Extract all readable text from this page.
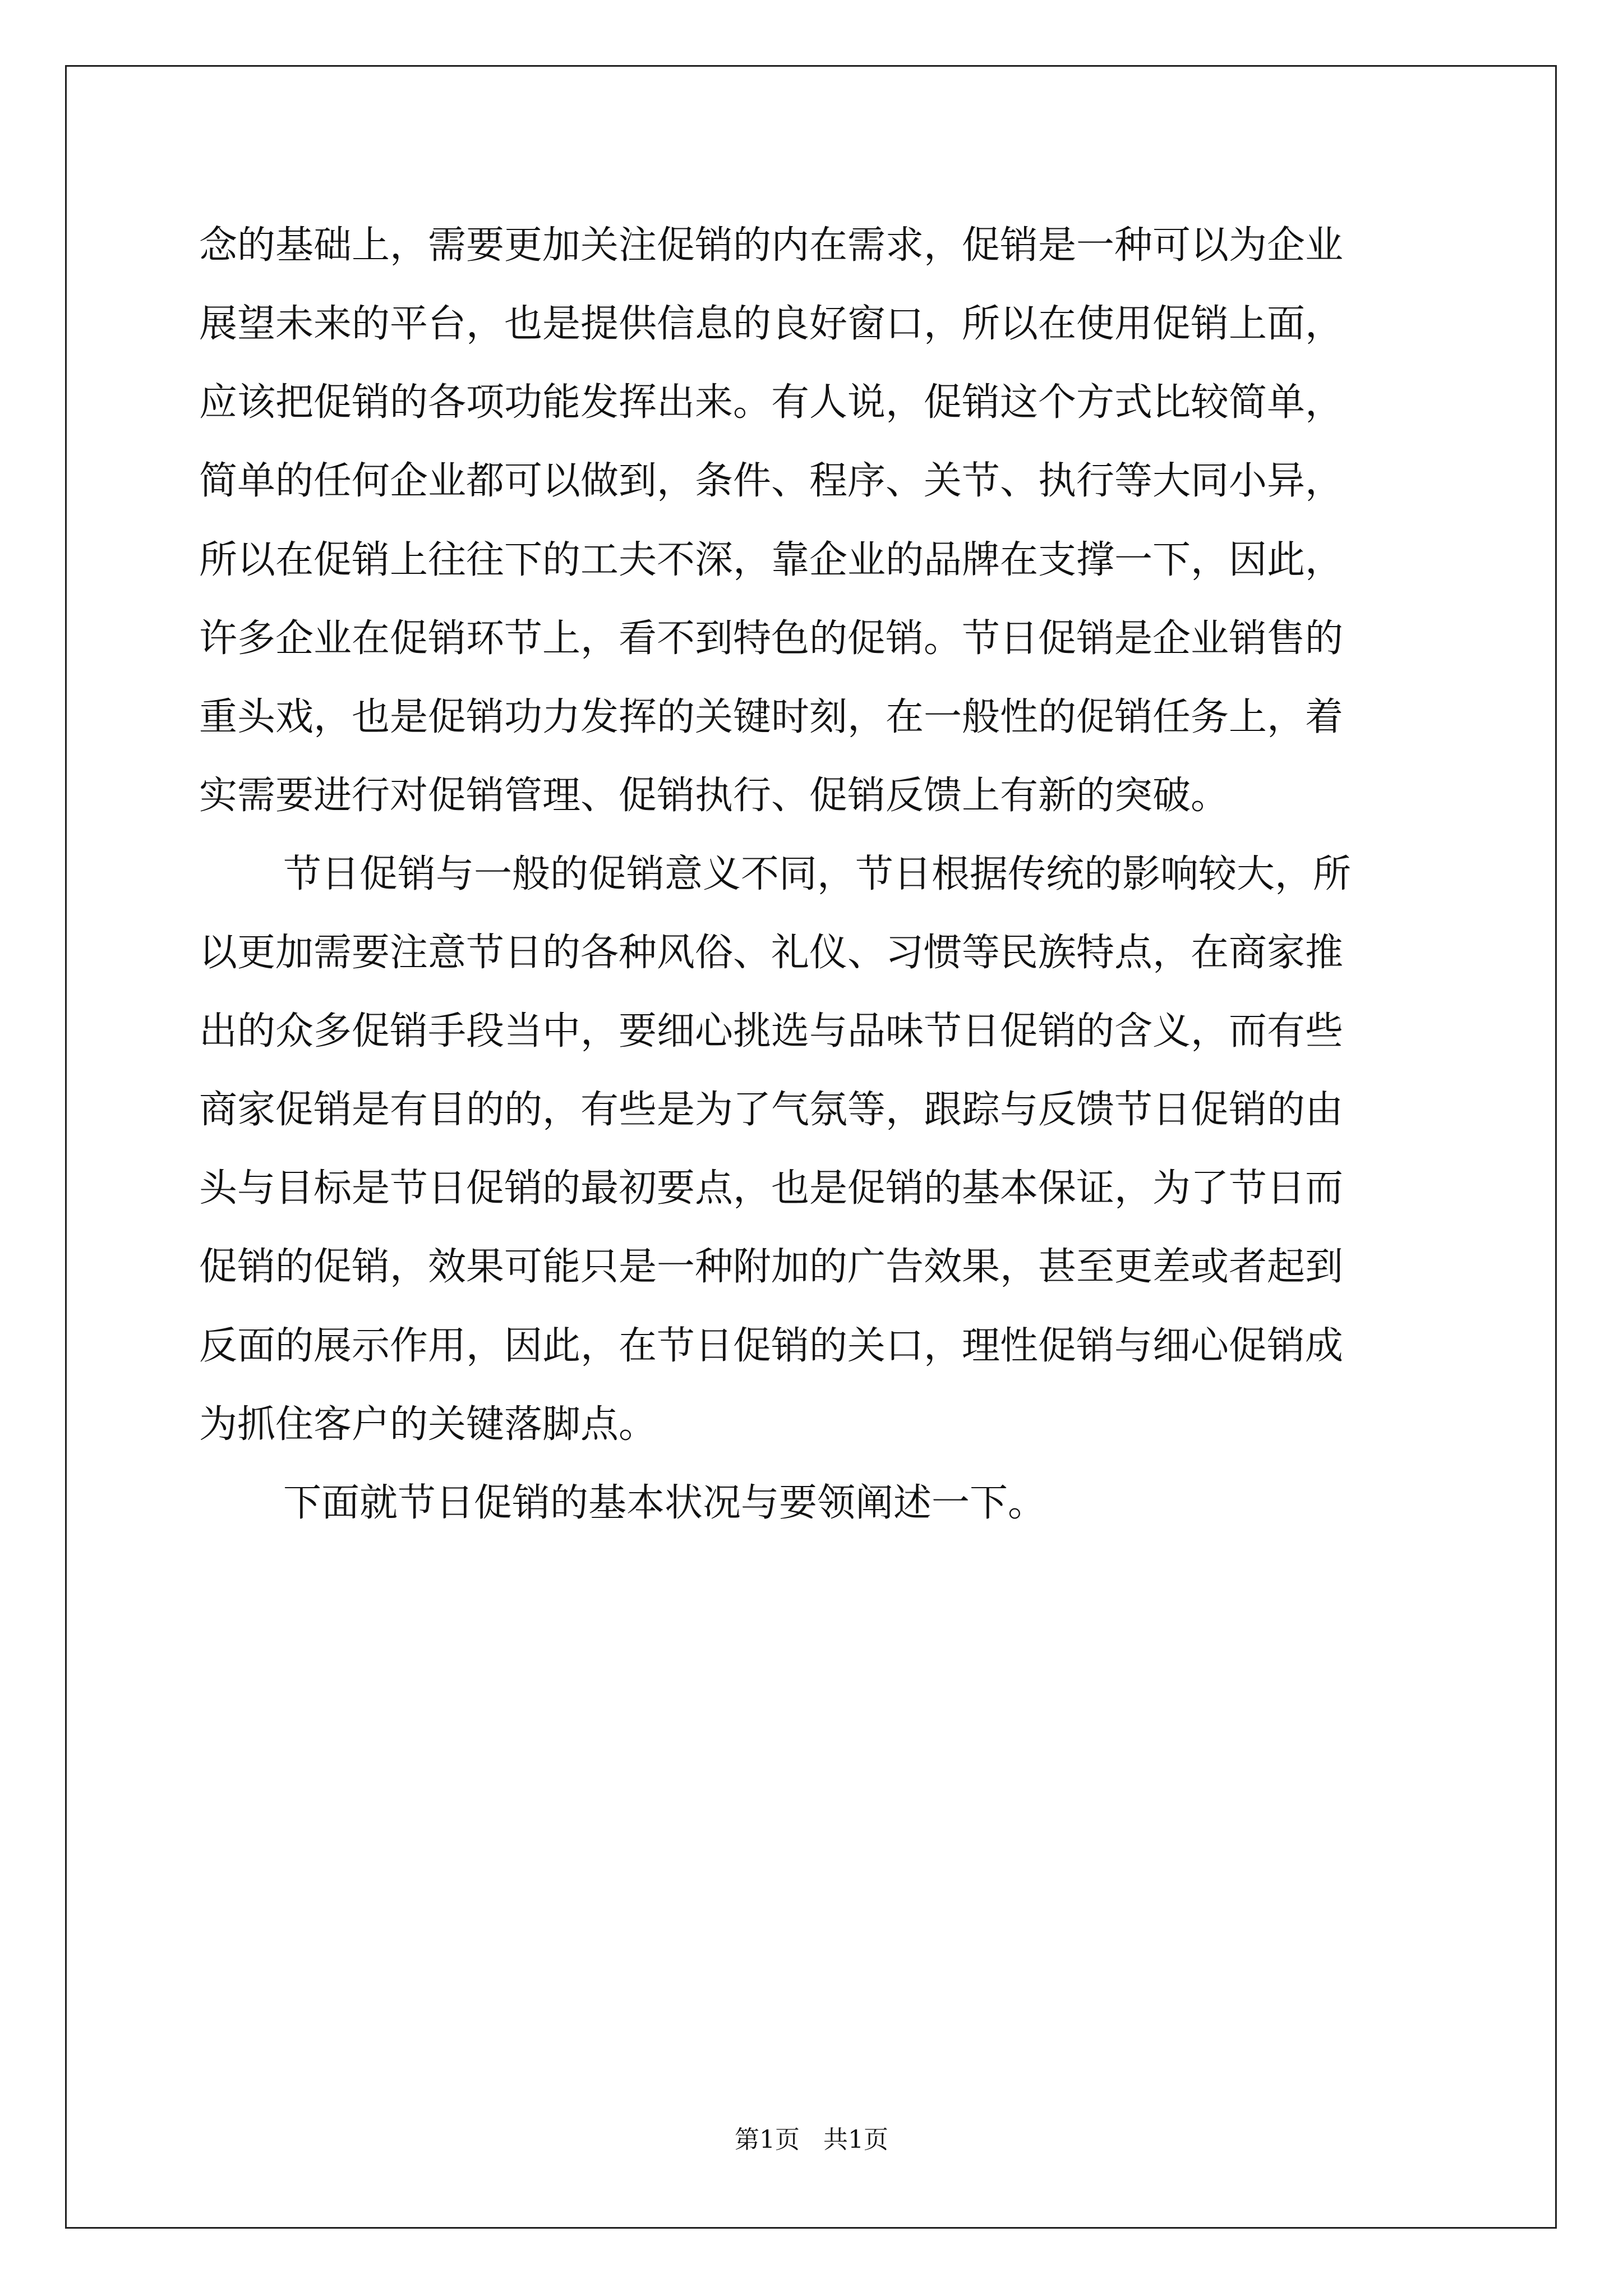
念的基础上，需要更加关注促销的内在需求，促销是一种可以为企业
展望未来的平台，也是提供信息的良好窗口，所以在使用促销上面，
应该把促销的各项功能发挥出来。有人说，促销这个方式比较简单，
简单的任何企业都可以做到，条件、程序、关节、执行等大同小异，
所以在促销上往往下的工夫不深，靠企业的品牌在支撑一下，因此，
许多企业在促销环节上，看不到特色的促销。节日促销是企业销售的
重头戏，也是促销功力发挥的关键时刻，在一般性的促销任务上，着
实需要进行对促销管理、促销执行、促销反馈上有新的突破。
节日促销与一般的促销意义不同，节日根据传统的影响较大，所
以更加需要注意节日的各种风俗、礼仪、习惯等民族特点，在商家推
出的众多促销手段当中，要细心挑选与品味节日促销的含义，而有些
商家促销是有目的的，有些是为了气氛等，跟踪与反馈节日促销的由
头与目标是节日促销的最初要点，也是促销的基本保证，为了节日而
促销的促销，效果可能只是一种附加的广告效果，甚至更差或者起到
反面的展示作用，因此，在节日促销的关口，理性促销与细心促销成
为抓住客户的关键落脚点。
下面就节日促销的基本状况与要领阐述一下。
第1页   共1页
